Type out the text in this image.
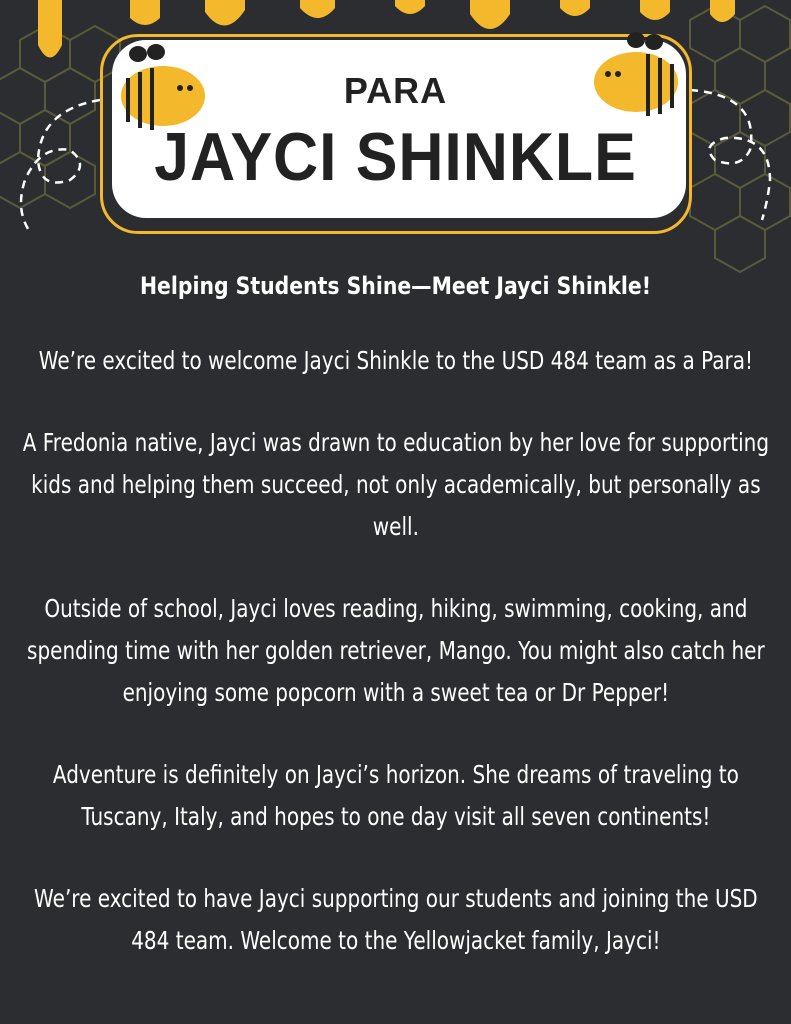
PARA

JAYCI SHINKLE

Helping Students Shine—Meet Jayci Shinkle!

We’re excited to welcome Jayci Shinkle to the USD 484 team as a Para!

A Fredonia native, Jayci was drawn to education by her love for supporting kids and helping them succeed, not only academically, but personally as well.

Outside of school, Jayci loves reading, hiking, swimming, cooking, and spending time with her golden retriever, Mango. You might also catch her enjoying some popcorn with a sweet tea or Dr Pepper!

Adventure is definitely on Jayci’s horizon. She dreams of traveling to Tuscany, Italy, and hopes to one day visit all seven continents!

We’re excited to have Jayci supporting our students and joining the USD 484 team. Welcome to the Yellowjacket family, Jayci!
